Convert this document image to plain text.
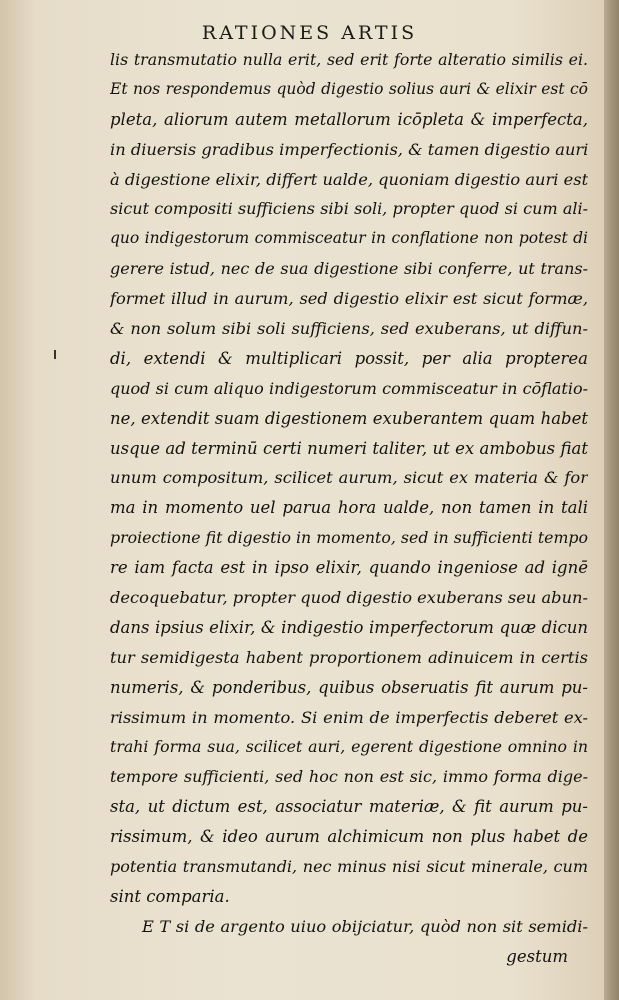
RATIONES ARTIS
lis transmutatio nulla erit, sed erit forte alteratio similis ei.
Et nos respondemus quòd digestio solius auri & elixir est cō
pleta, aliorum autem metallorum icōpleta & imperfecta,
in diuersis gradibus imperfectionis, & tamen digestio auri
à digestione elixir, differt ualde, quoniam digestio auri est
sicut compositi sufficiens sibi soli, propter quod si cum ali-
quo indigestorum commisceatur in conflatione non potest di
gerere istud, nec de sua digestione sibi conferre, ut trans-
formet illud in aurum, sed digestio elixir est sicut formæ,
& non solum sibi soli sufficiens, sed exuberans, ut diffun-
di, extendi & multiplicari possit, per alia propterea
quod si cum aliquo indigestorum commisceatur in cōflatio-
ne, extendit suam digestionem exuberantem quam habet
usque ad terminū certi numeri taliter, ut ex ambobus fiat
unum compositum, scilicet aurum, sicut ex materia & for
ma in momento uel parua hora ualde, non tamen in tali
proiectione fit digestio in momento, sed in sufficienti tempo
re iam facta est in ipso elixir, quando ingeniose ad ignē
decoquebatur, propter quod digestio exuberans seu abun-
dans ipsius elixir, & indigestio imperfectorum quæ dicun
tur semidigesta habent proportionem adinuicem in certis
numeris, & ponderibus, quibus obseruatis fit aurum pu-
rissimum in momento. Si enim de imperfectis deberet ex-
trahi forma sua, scilicet auri, egerent digestione omnino in
tempore sufficienti, sed hoc non est sic, immo forma dige-
sta, ut dictum est, associatur materiæ, & fit aurum pu-
rissimum, & ideo aurum alchimicum non plus habet de
potentia transmutandi, nec minus nisi sicut minerale, cum
sint comparia.
E T si de argento uiuo obijciatur, quòd non sit semidi-
gestum
